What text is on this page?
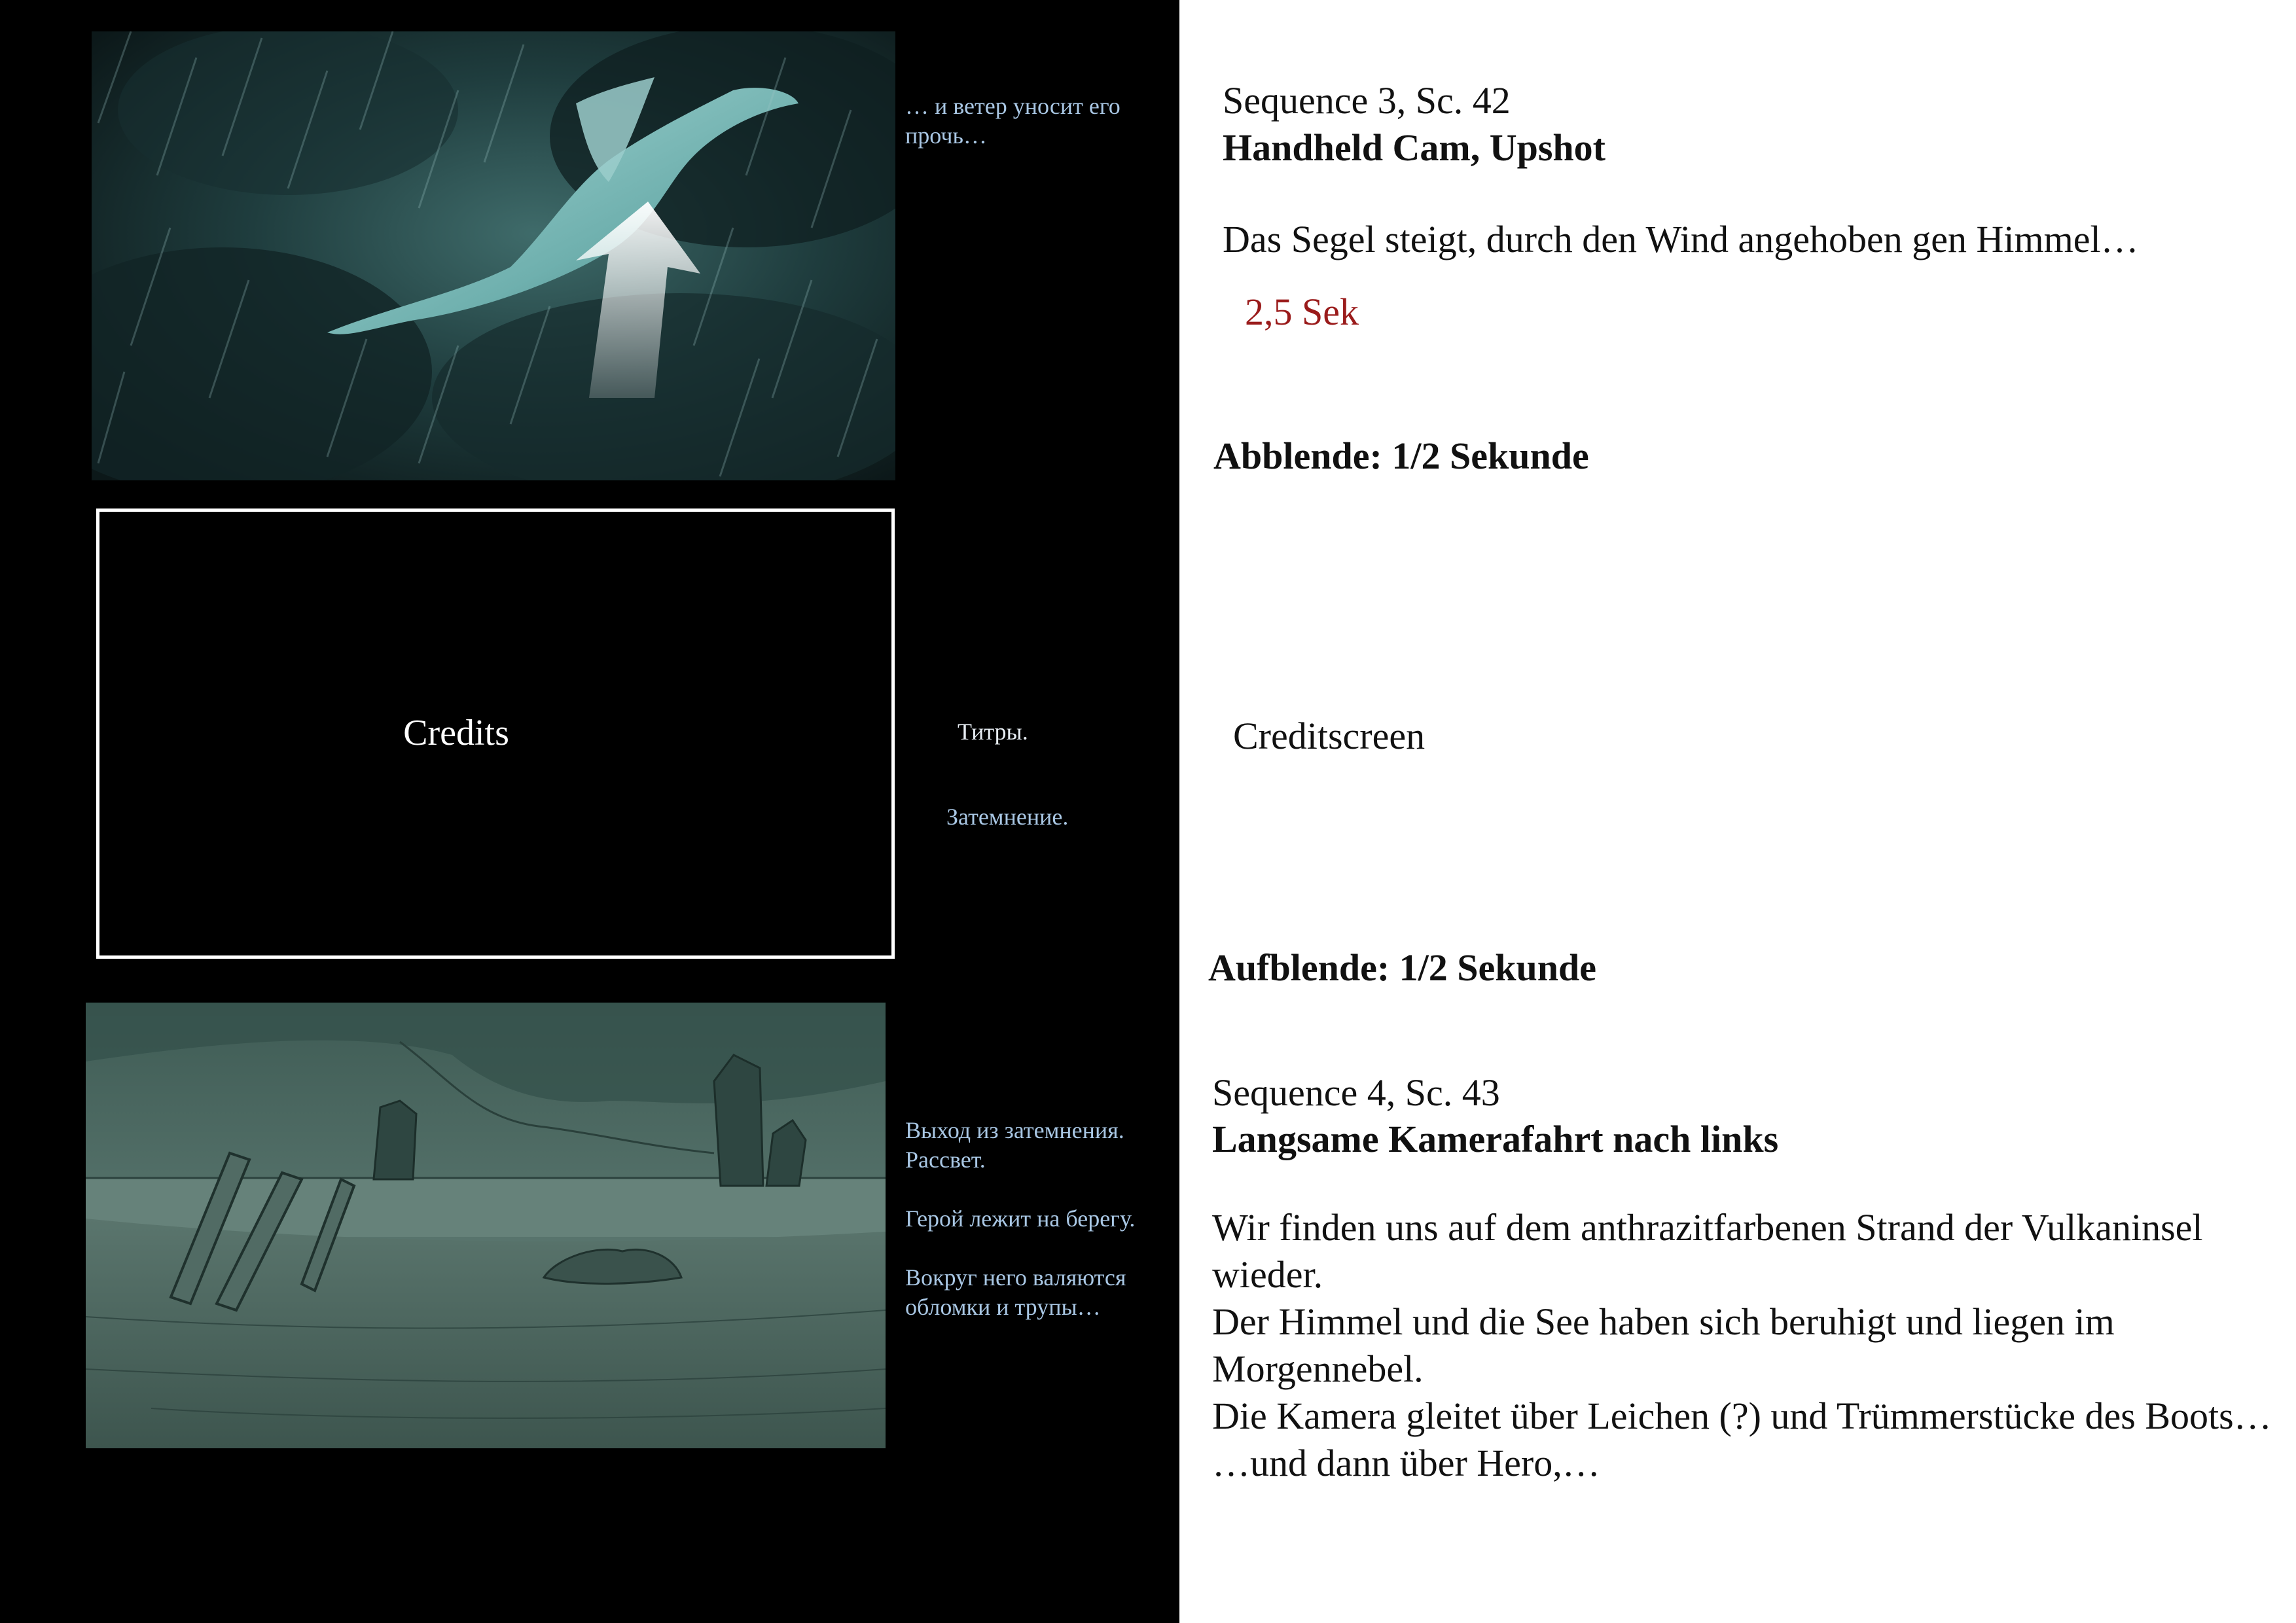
… и ветер уносит его
прочь…
Credits	Титры.
Затемнение.
Выход из затемнения.
Рассвет.

Герой лежит на берегу.

Вокруг него валяются
обломки и трупы…
Sequence 3, Sc. 42
Handheld Cam, Upshot
Das Segel steigt, durch den Wind angehoben gen Himmel…
2,5 Sek
Abblende: 1/2 Sekunde
Creditscreen
Aufblende: 1/2 Sekunde
Sequence 4, Sc. 43
Langsame Kamerafahrt nach links
Wir finden uns auf dem anthrazitfarbenen Strand der Vulkaninsel wieder.
Der Himmel und die See haben sich beruhigt und liegen im Morgennebel.
Die Kamera gleitet über Leichen (?) und Trümmerstücke des Boots…
…und dann über Hero,…
